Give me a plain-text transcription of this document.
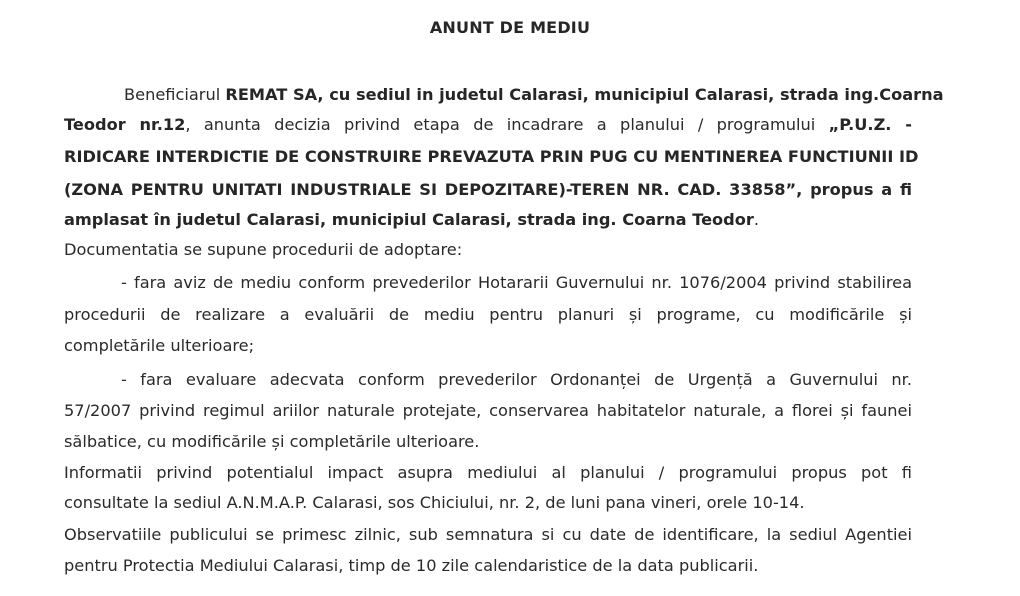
ANUNT DE MEDIU
Beneficiarul REMAT SA, cu sediul in judetul Calarasi, municipiul Calarasi, strada ing.Coarna
Teodor nr.12, anunta decizia privind etapa de incadrare a planului / programului „P.U.Z. -
RIDICARE INTERDICTIE DE CONSTRUIRE PREVAZUTA PRIN PUG CU MENTINEREA FUNCTIUNII ID
(ZONA PENTRU UNITATI INDUSTRIALE SI DEPOZITARE)-TEREN NR. CAD. 33858”, propus a fi
amplasat în judetul Calarasi, municipiul Calarasi, strada ing. Coarna Teodor.
Documentatia se supune procedurii de adoptare:
- fara aviz de mediu conform prevederilor Hotararii Guvernului nr. 1076/2004 privind stabilirea
procedurii de realizare a evaluării de mediu pentru planuri și programe, cu modificările și
completările ulterioare;
- fara evaluare adecvata conform prevederilor Ordonanței de Urgență a Guvernului nr.
57/2007 privind regimul ariilor naturale protejate, conservarea habitatelor naturale, a florei și faunei
sălbatice, cu modificările și completările ulterioare.
Informatii privind potentialul impact asupra mediului al planului / programului propus pot fi
consultate la sediul A.N.M.A.P. Calarasi, sos Chiciului, nr. 2, de luni pana vineri, orele 10-14.
Observatiile publicului se primesc zilnic, sub semnatura si cu date de identificare, la sediul Agentiei
pentru Protectia Mediului Calarasi, timp de 10 zile calendaristice de la data publicarii.
